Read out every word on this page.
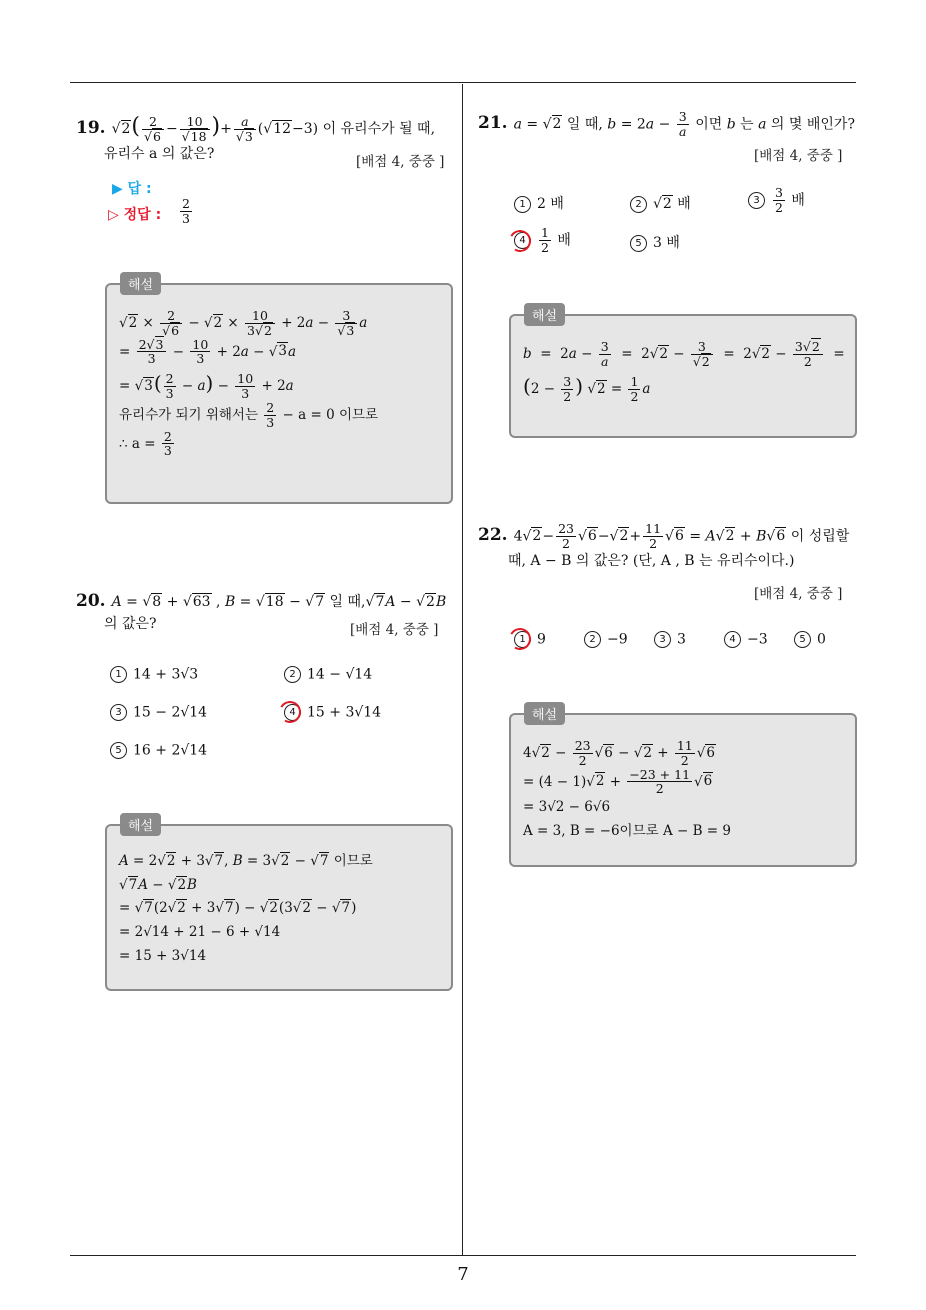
7
19. $√2( \frac{2}{√6} - \frac{10}{√18}$ )+ $\frac{a}{√3} (√12-3)$ 이 유리수가 될 때,
유리수 a 의 값은?	[배점 4, 중중 ]
▶ 답 :
▷ 정답 : $\frac{2}{3}$
해설
$√2 \times \frac{2}{√6} - √2 \times \frac{10}{3√2} + 2a - \frac{3}{√3}$ a
= $\frac{2√3}{3} - \frac{10}{3} + 2a - √3a$
= $√3( \frac{2}{3} - a) - \frac{10}{3} + 2a$
유리수가 되기 위해서는 $\frac{2}{3} - a = 0$ 이므로
∴ $a = \frac{2}{3}$
20. A = √8 + √63 , B = √18 − √7 일 때,√7A − √2B
의 값은?	[배점 4, 중중 ]
1 14 + 3√3	2 14 − √14
3 15 − 2√14	4 15 + 3√14
5 16 + 2√14
해설
A = 2√2 + 3√7, B = 3√2 − √7 이므로
√7A − √2B
= √7(2√2 + 3√7) − √2(3√2 − √7)
= 2√14 + 21 − 6 + √14
= 15 + 3√14
21. a = √2 일 때, $b = 2a - \frac{3}{a}$ 이면 b 는 a 의 몇 배인가?
[배점 4, 중중 ]
1 2 배	2 √2 배	$3 \frac{3}{2}$ 배
$4 \frac{1}{2}$ 배	5 3 배
해설
$b = 2a - \frac{3}{a} = 2√2 - \frac{3}{√2} = 2√2 - \frac{3√2}{2}$ =
($2 - \frac{3}{2}$ ) $√2 = \frac{1}{2}$ a
22. $4√2- \frac{23}{2} √6-√2+ \frac{11}{2} √6 = A√2 + B√6$ 이 성립할
때, A − B 의 값은? (단, A , B 는 유리수이다.)
[배점 4, 중중 ]
1 9	2 −9	3 3	4 −3	5 0
해설
$4√2 - \frac{23}{2} √6 - √2 + \frac{11}{2} √6$
= $(4 - 1)√2 + \frac{-23 + 11}{2} √6$
= 3√2 − 6√6
A = 3, B = −6이므로 A − B = 9
